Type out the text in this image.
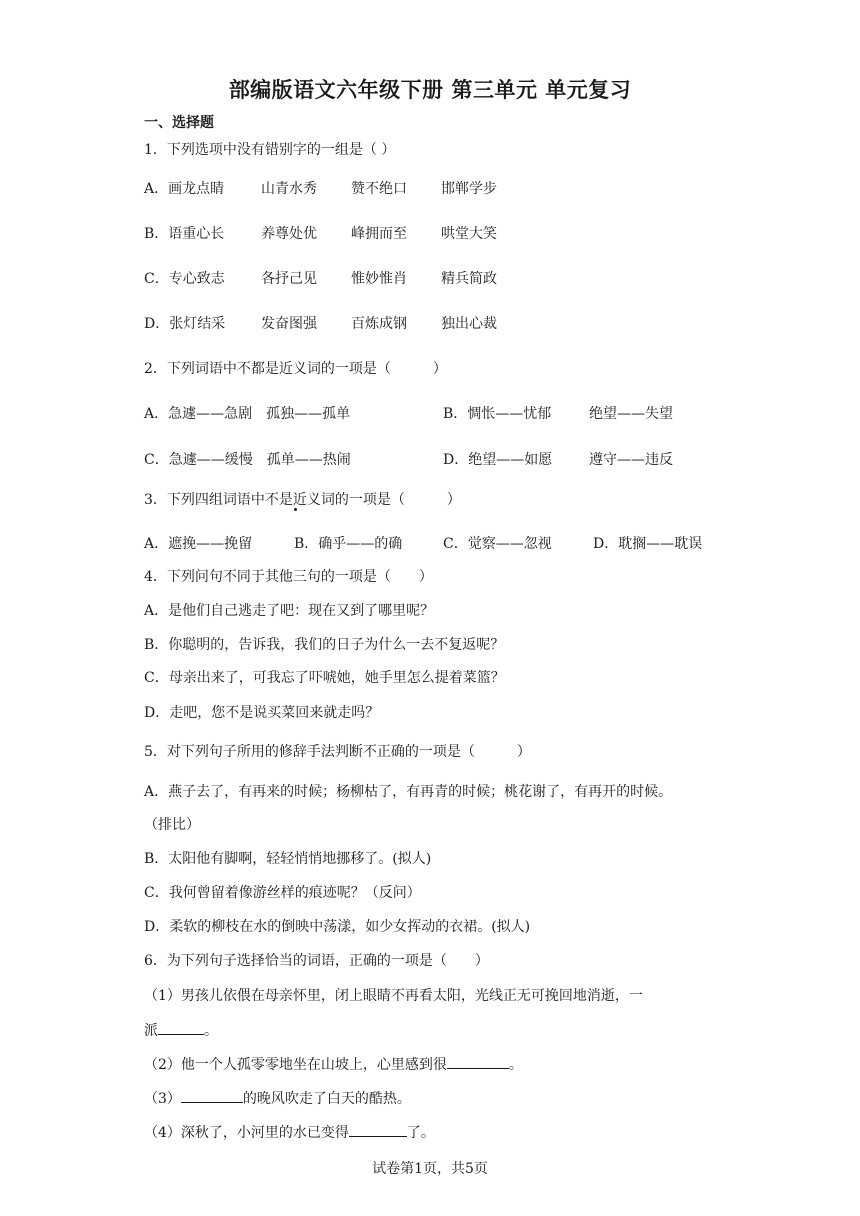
部编版语文六年级下册 第三单元 单元复习
一、选择题
1．下列选项中没有错别字的一组是（ ）

A．画龙点睛

	山青水秀

赞不绝口

邯郸学步

B．语重心长

	养尊处优

峰拥而至

哄堂大笑

C．专心致志

	各抒己见

惟妙惟肖

精兵简政

D．张灯结采

	发奋图强

百炼成钢

独出心裁

2．下列词语中不都是近义词的一项是（　　　）

A．急遽——急剧　孤独——孤单

	B．惆怅——忧郁

	绝望——失望

C．急遽——缓慢　孤单——热闹

	D．绝望——如愿

	遵守——违反

3．下列四组词语中不是近义词的一项是（　　　）

A．遮挽——挽留

	B．确乎——的确

	C．觉察——忽视

	D．耽搁——耽误

4．下列问句不同于其他三句的一项是（　　）
A．是他们自己逃走了吧：现在又到了哪里呢？
B．你聪明的，告诉我，我们的日子为什么一去不复返呢？
C．母亲出来了，可我忘了吓唬她，她手里怎么提着菜篮？
D．走吧，您不是说买菜回来就走吗？
5．对下列句子所用的修辞手法判断不正确的一项是（　　　）
A．燕子去了，有再来的时候；杨柳枯了，有再青的时候；桃花谢了，有再开的时候。
（排比）
B．太阳他有脚啊，轻轻悄悄地挪移了。(拟人)
C．我何曾留着像游丝样的痕迹呢？（反问）
D．柔软的柳枝在水的倒映中荡漾，如少女挥动的衣裙。(拟人)
6．为下列句子选择恰当的词语，正确的一项是（　　）
（1）男孩儿依偎在母亲怀里，闭上眼睛不再看太阳，光线正无可挽回地消逝，一
派	。
（2）他一个人孤零零地坐在山坡上，心里感到很	。
（3）	的晚风吹走了白天的酷热。
（4）深秋了，小河里的水已变得	了。
试卷第1页，共5页
